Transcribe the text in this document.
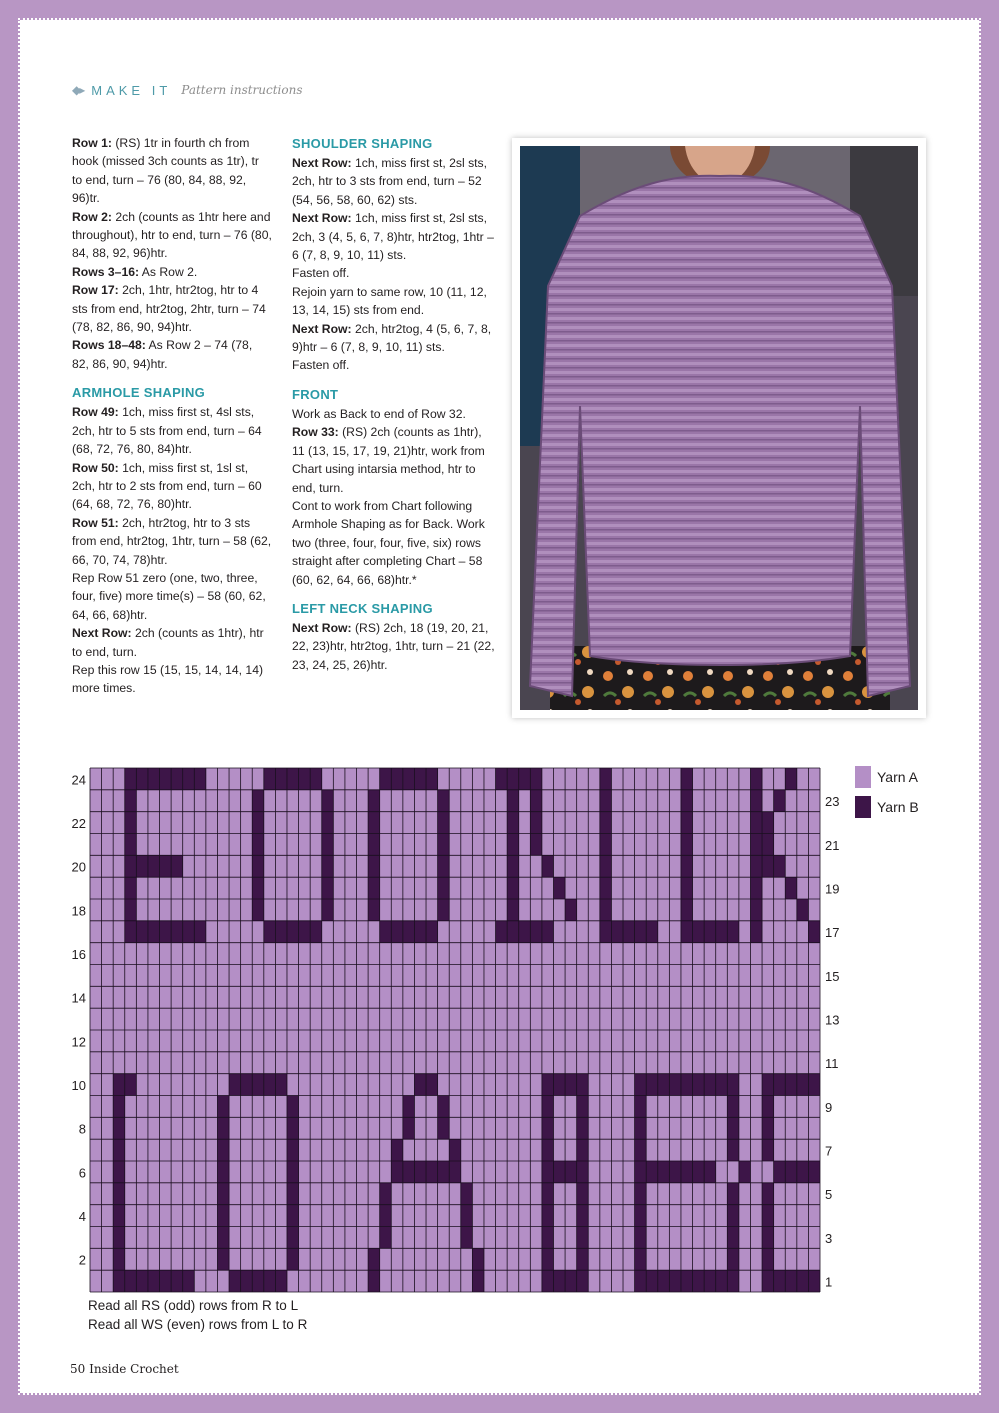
◆▸ MAKE IT Pattern instructions

Row 1: (RS) 1tr in fourth ch from hook (missed 3ch counts as 1tr), tr to end, turn – 76 (80, 84, 88, 92, 96)tr.

Row 2: 2ch (counts as 1htr here and throughout), htr to end, turn – 76 (80, 84, 88, 92, 96)htr.

Rows 3–16: As Row 2.

Row 17: 2ch, 1htr, htr2tog, htr to 4 sts from end, htr2tog, 2htr, turn – 74 (78, 82, 86, 90, 94)htr.

Rows 18–48: As Row 2 – 74 (78, 82, 86, 90, 94)htr.

ARMHOLE SHAPING

Row 49: 1ch, miss first st, 4sl sts, 2ch, htr to 5 sts from end, turn – 64 (68, 72, 76, 80, 84)htr.

Row 50: 1ch, miss first st, 1sl st, 2ch, htr to 2 sts from end, turn – 60 (64, 68, 72, 76, 80)htr.

Row 51: 2ch, htr2tog, htr to 3 sts from end, htr2tog, 1htr, turn – 58 (62, 66, 70, 74, 78)htr.

Rep Row 51 zero (one, two, three, four, five) more time(s) – 58 (60, 62, 64, 66, 68)htr.

Next Row: 2ch (counts as 1htr), htr to end, turn.

Rep this row 15 (15, 15, 14, 14, 14) more times.

SHOULDER SHAPING

Next Row: 1ch, miss first st, 2sl sts, 2ch, htr to 3 sts from end, turn – 52 (54, 56, 58, 60, 62) sts.

Next Row: 1ch, miss first st, 2sl sts, 2ch, 3 (4, 5, 6, 7, 8)htr, htr2tog, 1htr – 6 (7, 8, 9, 10, 11) sts.

Fasten off.

Rejoin yarn to same row, 10 (11, 12, 13, 14, 15) sts from end.

Next Row: 2ch, htr2tog, 4 (5, 6, 7, 8, 9)htr – 6 (7, 8, 9, 10, 11) sts.

Fasten off.

FRONT

Work as Back to end of Row 32.

Row 33: (RS) 2ch (counts as 1htr), 11 (13, 15, 17, 19, 21)htr, work from Chart using intarsia method, htr to end, turn.

Cont to work from Chart following Armhole Shaping as for Back. Work two (three, four, four, five, six) rows straight after completing Chart – 58 (60, 62, 64, 66, 68)htr.*

LEFT NECK SHAPING

Next Row: (RS) 2ch, 18 (19, 20, 21, 22, 23)htr, htr2tog, 1htr, turn – 21 (22, 23, 24, 25, 26)htr.

24
22
20
18
16
14
12
10
8
6
4
2
23
21
19
17
15
13
11
9
7
5
3
1
Yarn A
Yarn B
Read all RS (odd) rows from R to L
Read all WS (even) rows from L to R
50 Inside Crochet
